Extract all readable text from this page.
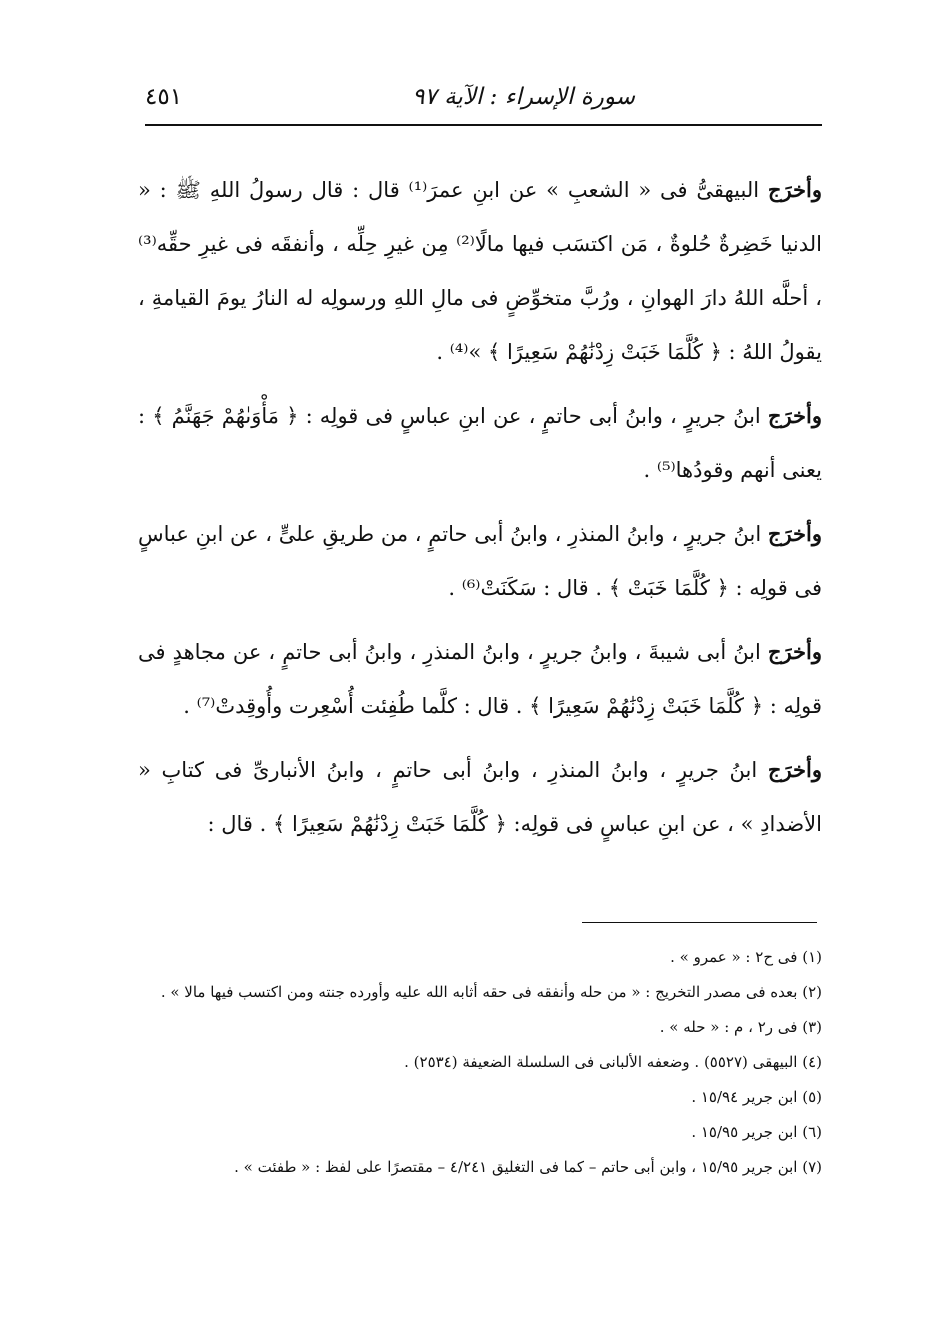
سورة الإسراء : الآية ٩٧
٤٥١

وأخرَج البيهقىُّ فى « الشعبِ » عن ابنِ عمرَ⁽¹⁾ قال : قال رسولُ اللهِ ﷺ : « الدنيا خَضِرةٌ حُلوةٌ ، مَن اكتسَب فيها مالًا⁽²⁾ مِن غيرِ حِلِّه ، وأنفقَه فى غيرِ حقِّه⁽³⁾ ، أحلَّه اللهُ دارَ الهوانِ ، ورُبَّ متخوِّضٍ فى مالِ اللهِ ورسولِه له النارُ يومَ القيامةِ ، يقولُ اللهُ : ﴿ كُلَّمَا خَبَتْ زِدْنَٰهُمْ سَعِيرًا ﴾ »⁽⁴⁾ .

وأخرَج ابنُ جريرٍ ، وابنُ أبى حاتمٍ ، عن ابنِ عباسٍ فى قولِه : ﴿ مَأْوَىٰهُمْ جَهَنَّمُ ﴾ : يعنى أنهم وقودُها⁽⁵⁾ .

وأخرَج ابنُ جريرٍ ، وابنُ المنذرِ ، وابنُ أبى حاتمٍ ، من طريقِ علىٍّ ، عن ابنِ عباسٍ فى قولِه : ﴿ كُلَّمَا خَبَتْ ﴾ . قال : سَكَنَتْ⁽⁶⁾ .

وأخرَج ابنُ أبى شيبةَ ، وابنُ جريرٍ ، وابنُ المنذرِ ، وابنُ أبى حاتمٍ ، عن مجاهدٍ فى قولِه : ﴿ كُلَّمَا خَبَتْ زِدْنَٰهُمْ سَعِيرًا ﴾ . قال : كلَّما طُفِئت أُسْعِرت وأُوقِدتْ⁽⁷⁾ .

وأخرَج ابنُ جريرٍ ، وابنُ المنذرِ ، وابنُ أبى حاتمٍ ، وابنُ الأنبارىِّ فى كتابِ « الأضدادِ » ، عن ابنِ عباسٍ فى قولِه: ﴿ كُلَّمَا خَبَتْ زِدْنَٰهُمْ سَعِيرًا ﴾ . قال :

(١) فى ح٢ : « عمرو » .

(٢) بعده فى مصدر التخريج : « من حله وأنفقه فى حقه أثابه الله عليه وأورده جنته ومن اكتسب فيها مالا » .

(٣) فى ر٢ ، م : « حله » .

(٤) البيهقى (٥٥٢٧) . وضعفه الألبانى فى السلسلة الضعيفة (٢٥٣٤) .

(٥) ابن جرير ١٥/٩٤ .

(٦) ابن جرير ١٥/٩٥ .

(٧) ابن جرير ١٥/٩٥ ، وابن أبى حاتم – كما فى التغليق ٤/٢٤١ – مقتصرًا على لفظ : « طفئت » .
